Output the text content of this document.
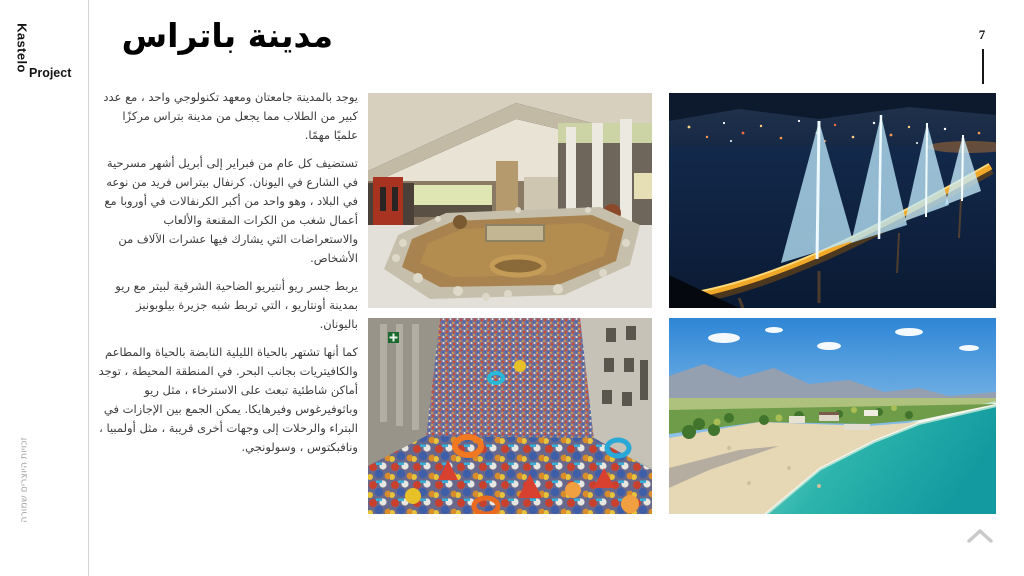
Kastelo
Project
זכויות היוצרים שמורה
7
مدينة باتراس

يوجد بالمدينة جامعتان ومعهد تكنولوجي واحد ، مع عدد كبير من الطلاب مما يجعل من مدينة بتراس مركزًا علميًا مهمًا.

تستضيف كل عام من فبراير إلى أبريل أشهر مسرحية في الشارع في اليونان. كرنفال بيتراس فريد من نوعه في البلاد ، وهو واحد من أكبر الكرنفالات في أوروبا مع أعمال شغب من الكرات المقنعة والألعاب والاستعراضات التي يشارك فيها عشرات الآلاف من الأشخاص.

يربط جسر ريو أنتيريو الضاحية الشرقية لبيتر مع ريو بمدينة أونتاريو ، التي تربط شبه جزيرة بيلوبونيز باليونان.

كما أنها تشتهر بالحياة الليلية النابضة بالحياة والمطاعم والكافيتريات بجانب البحر. في المنطقة المحيطة ، توجد أماكن شاطئية تبعث على الاسترخاء ، مثل ريو وباثوفيرغوس وفيرهايكا. يمكن الجمع بين الإجازات في البتراء والرحلات إلى وجهات أخرى قريبة ، مثل أولمبيا ، ونافبكتوس ، وسولونجي.
